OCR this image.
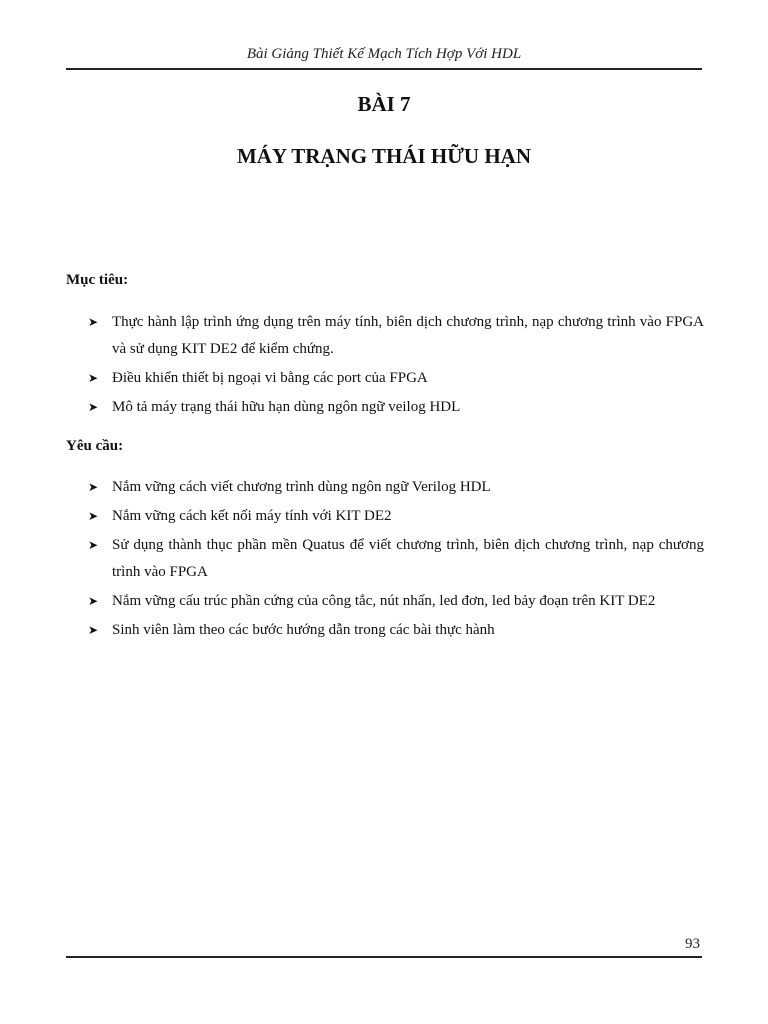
Bài Giảng Thiết Kế Mạch Tích Hợp Với HDL
BÀI 7
MÁY TRẠNG THÁI HỮU HẠN
Mục tiêu:
➤ Thực hành lập trình ứng dụng trên máy tính, biên dịch chương trình, nạp chương trình vào FPGA và sử dụng KIT DE2 để kiểm chứng.
➤ Điều khiển thiết bị ngoại vi bằng các port của FPGA
➤ Mô tả máy trạng thái hữu hạn dùng ngôn ngữ veilog HDL
Yêu cầu:
➤ Nắm vững cách viết chương trình dùng ngôn ngữ Verilog HDL
➤ Nắm vững cách kết nối máy tính với KIT DE2
➤ Sử dụng thành thục phần mền Quatus để viết chương trình, biên dịch chương trình, nạp chương trình vào FPGA
➤ Nắm vững cấu trúc phần cứng của công tắc, nút nhấn, led đơn, led bảy đoạn trên KIT DE2
➤ Sinh viên làm theo các bước hướng dẫn trong các bài thực hành
93
